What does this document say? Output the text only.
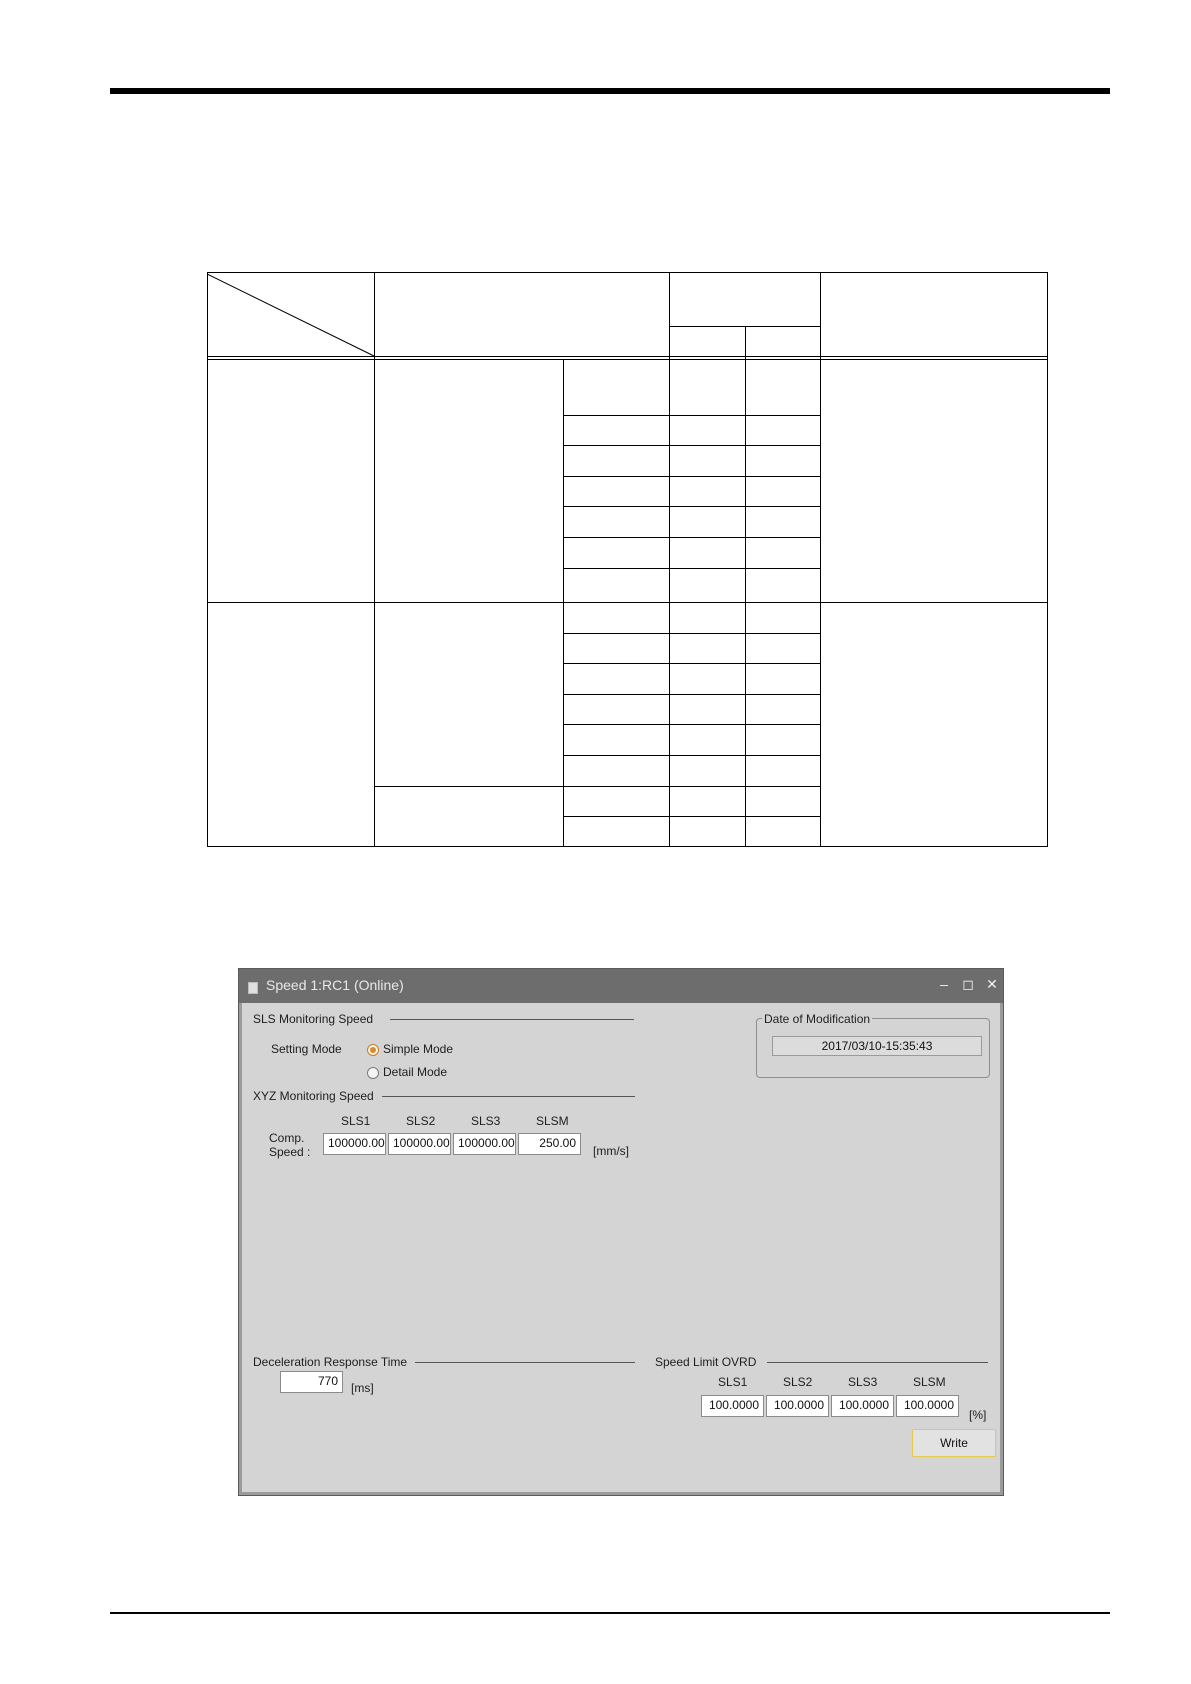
Speed 1:RC1 (Online)	–	◻ ✕
SLS Monitoring Speed
Setting Mode	Simple Mode
Detail Mode
XYZ Monitoring Speed
SLS1	SLS2	SLS3	SLSM
Comp.
Speed :
100000.00 100000.00 100000.00	250.00
[mm/s]
Date of Modification
2017/03/10-15:35:43
Deceleration Response Time
770	[ms]
Speed Limit OVRD
SLS1	SLS2	SLS3	SLSM
100.0000	100.0000	100.0000	100.0000
[%]
Write
